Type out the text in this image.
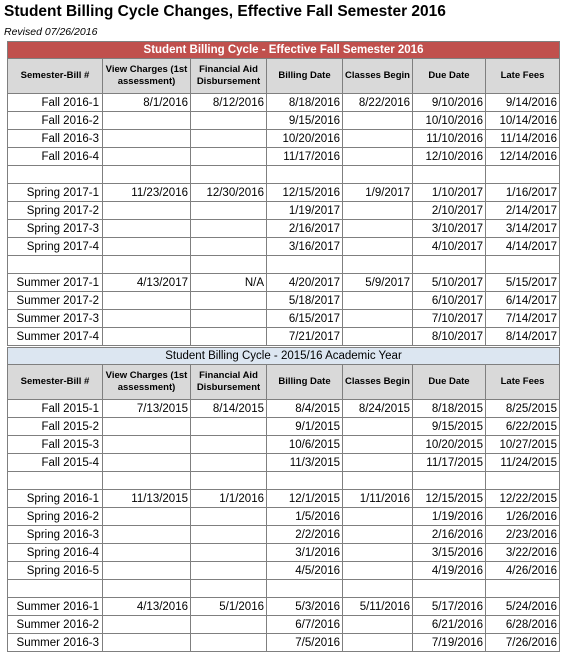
Student Billing Cycle Changes, Effective Fall Semester 2016
Revised 07/26/2016
Student Billing Cycle - Effective Fall Semester 2016						
Semester-Bill #	View Charges (1st assessment)	Financial Aid Disbursement	Billing Date	Classes Begin	Due Date	Late Fees
Fall 2016-1	8/1/2016	8/12/2016	8/18/2016	8/22/2016	9/10/2016	9/14/2016
Fall 2016-2			9/15/2016		10/10/2016	10/14/2016
Fall 2016-3			10/20/2016		11/10/2016	11/14/2016
Fall 2016-4			11/17/2016		12/10/2016	12/14/2016

Spring 2017-1	11/23/2016	12/30/2016	12/15/2016	1/9/2017	1/10/2017	1/16/2017
Spring 2017-2			1/19/2017		2/10/2017	2/14/2017
Spring 2017-3			2/16/2017		3/10/2017	3/14/2017
Spring 2017-4			3/16/2017		4/10/2017	4/14/2017

Summer 2017-1	4/13/2017	N/A	4/20/2017	5/9/2017	5/10/2017	5/15/2017
Summer 2017-2			5/18/2017		6/10/2017	6/14/2017
Summer 2017-3			6/15/2017		7/10/2017	7/14/2017
Summer 2017-4			7/21/2017		8/10/2017	8/14/2017
Student Billing Cycle - 2015/16 Academic Year						
Semester-Bill #	View Charges (1st assessment)	Financial Aid Disbursement	Billing Date	Classes Begin	Due Date	Late Fees
Fall 2015-1	7/13/2015	8/14/2015	8/4/2015	8/24/2015	8/18/2015	8/25/2015
Fall 2015-2			9/1/2015		9/15/2015	6/22/2015
Fall 2015-3			10/6/2015		10/20/2015	10/27/2015
Fall 2015-4			11/3/2015		11/17/2015	11/24/2015

Spring 2016-1	11/13/2015	1/1/2016	12/1/2015	1/11/2016	12/15/2015	12/22/2015
Spring 2016-2			1/5/2016		1/19/2016	1/26/2016
Spring 2016-3			2/2/2016		2/16/2016	2/23/2016
Spring 2016-4			3/1/2016		3/15/2016	3/22/2016
Spring 2016-5			4/5/2016		4/19/2016	4/26/2016

Summer 2016-1	4/13/2016	5/1/2016	5/3/2016	5/11/2016	5/17/2016	5/24/2016
Summer 2016-2			6/7/2016		6/21/2016	6/28/2016
Summer 2016-3			7/5/2016		7/19/2016	7/26/2016
